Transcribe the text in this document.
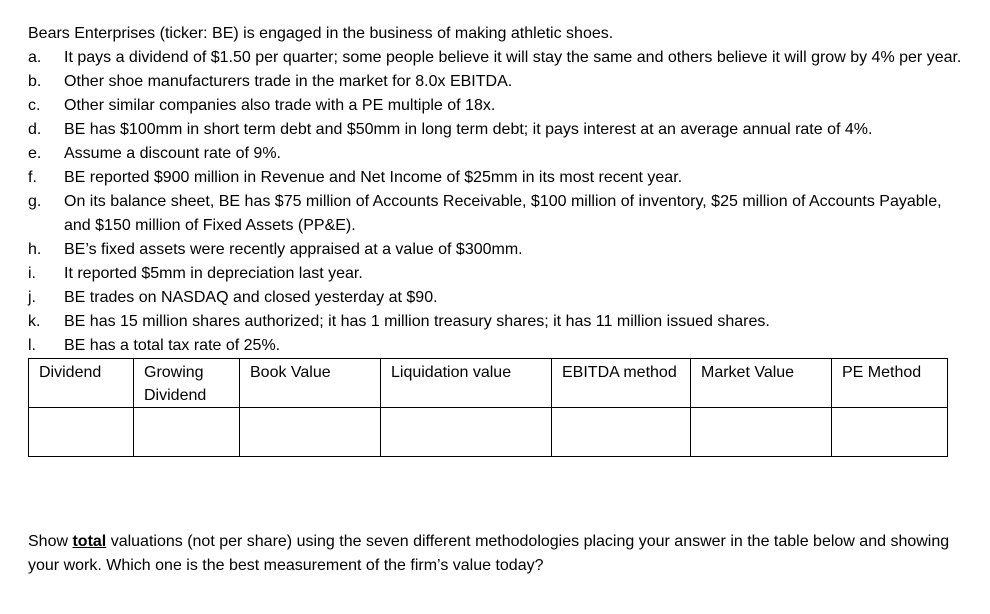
Bears Enterprises (ticker: BE) is engaged in the business of making athletic shoes.

a.	It pays a dividend of $1.50 per quarter; some people believe it will stay the same and others believe it will grow by 4% per year.
b.	Other shoe manufacturers trade in the market for 8.0x EBITDA.
c.	Other similar companies also trade with a PE multiple of 18x.
d.	BE has $100mm in short term debt and $50mm in long term debt; it pays interest at an average annual rate of 4%.
e.	Assume a discount rate of 9%.
f.	BE reported $900 million in Revenue and Net Income of $25mm in its most recent year.
g.	On its balance sheet, BE has $75 million of Accounts Receivable, $100 million of inventory, $25 million of Accounts Payable, and $150 million of Fixed Assets (PP&E).
h.	BE’s fixed assets were recently appraised at a value of $300mm.
i.	It reported $5mm in depreciation last year.
j.	BE trades on NASDAQ and closed yesterday at $90.
k.	BE has 15 million shares authorized; it has 1 million treasury shares; it has 11 million issued shares.
l.	BE has a total tax rate of 25%.
Dividend	Growing Dividend	Book Value	Liquidation value	EBITDA method	Market Value	PE Method

Show total valuations (not per share) using the seven different methodologies placing your answer in the table below and showing your work. Which one is the best measurement of the firm’s value today?
